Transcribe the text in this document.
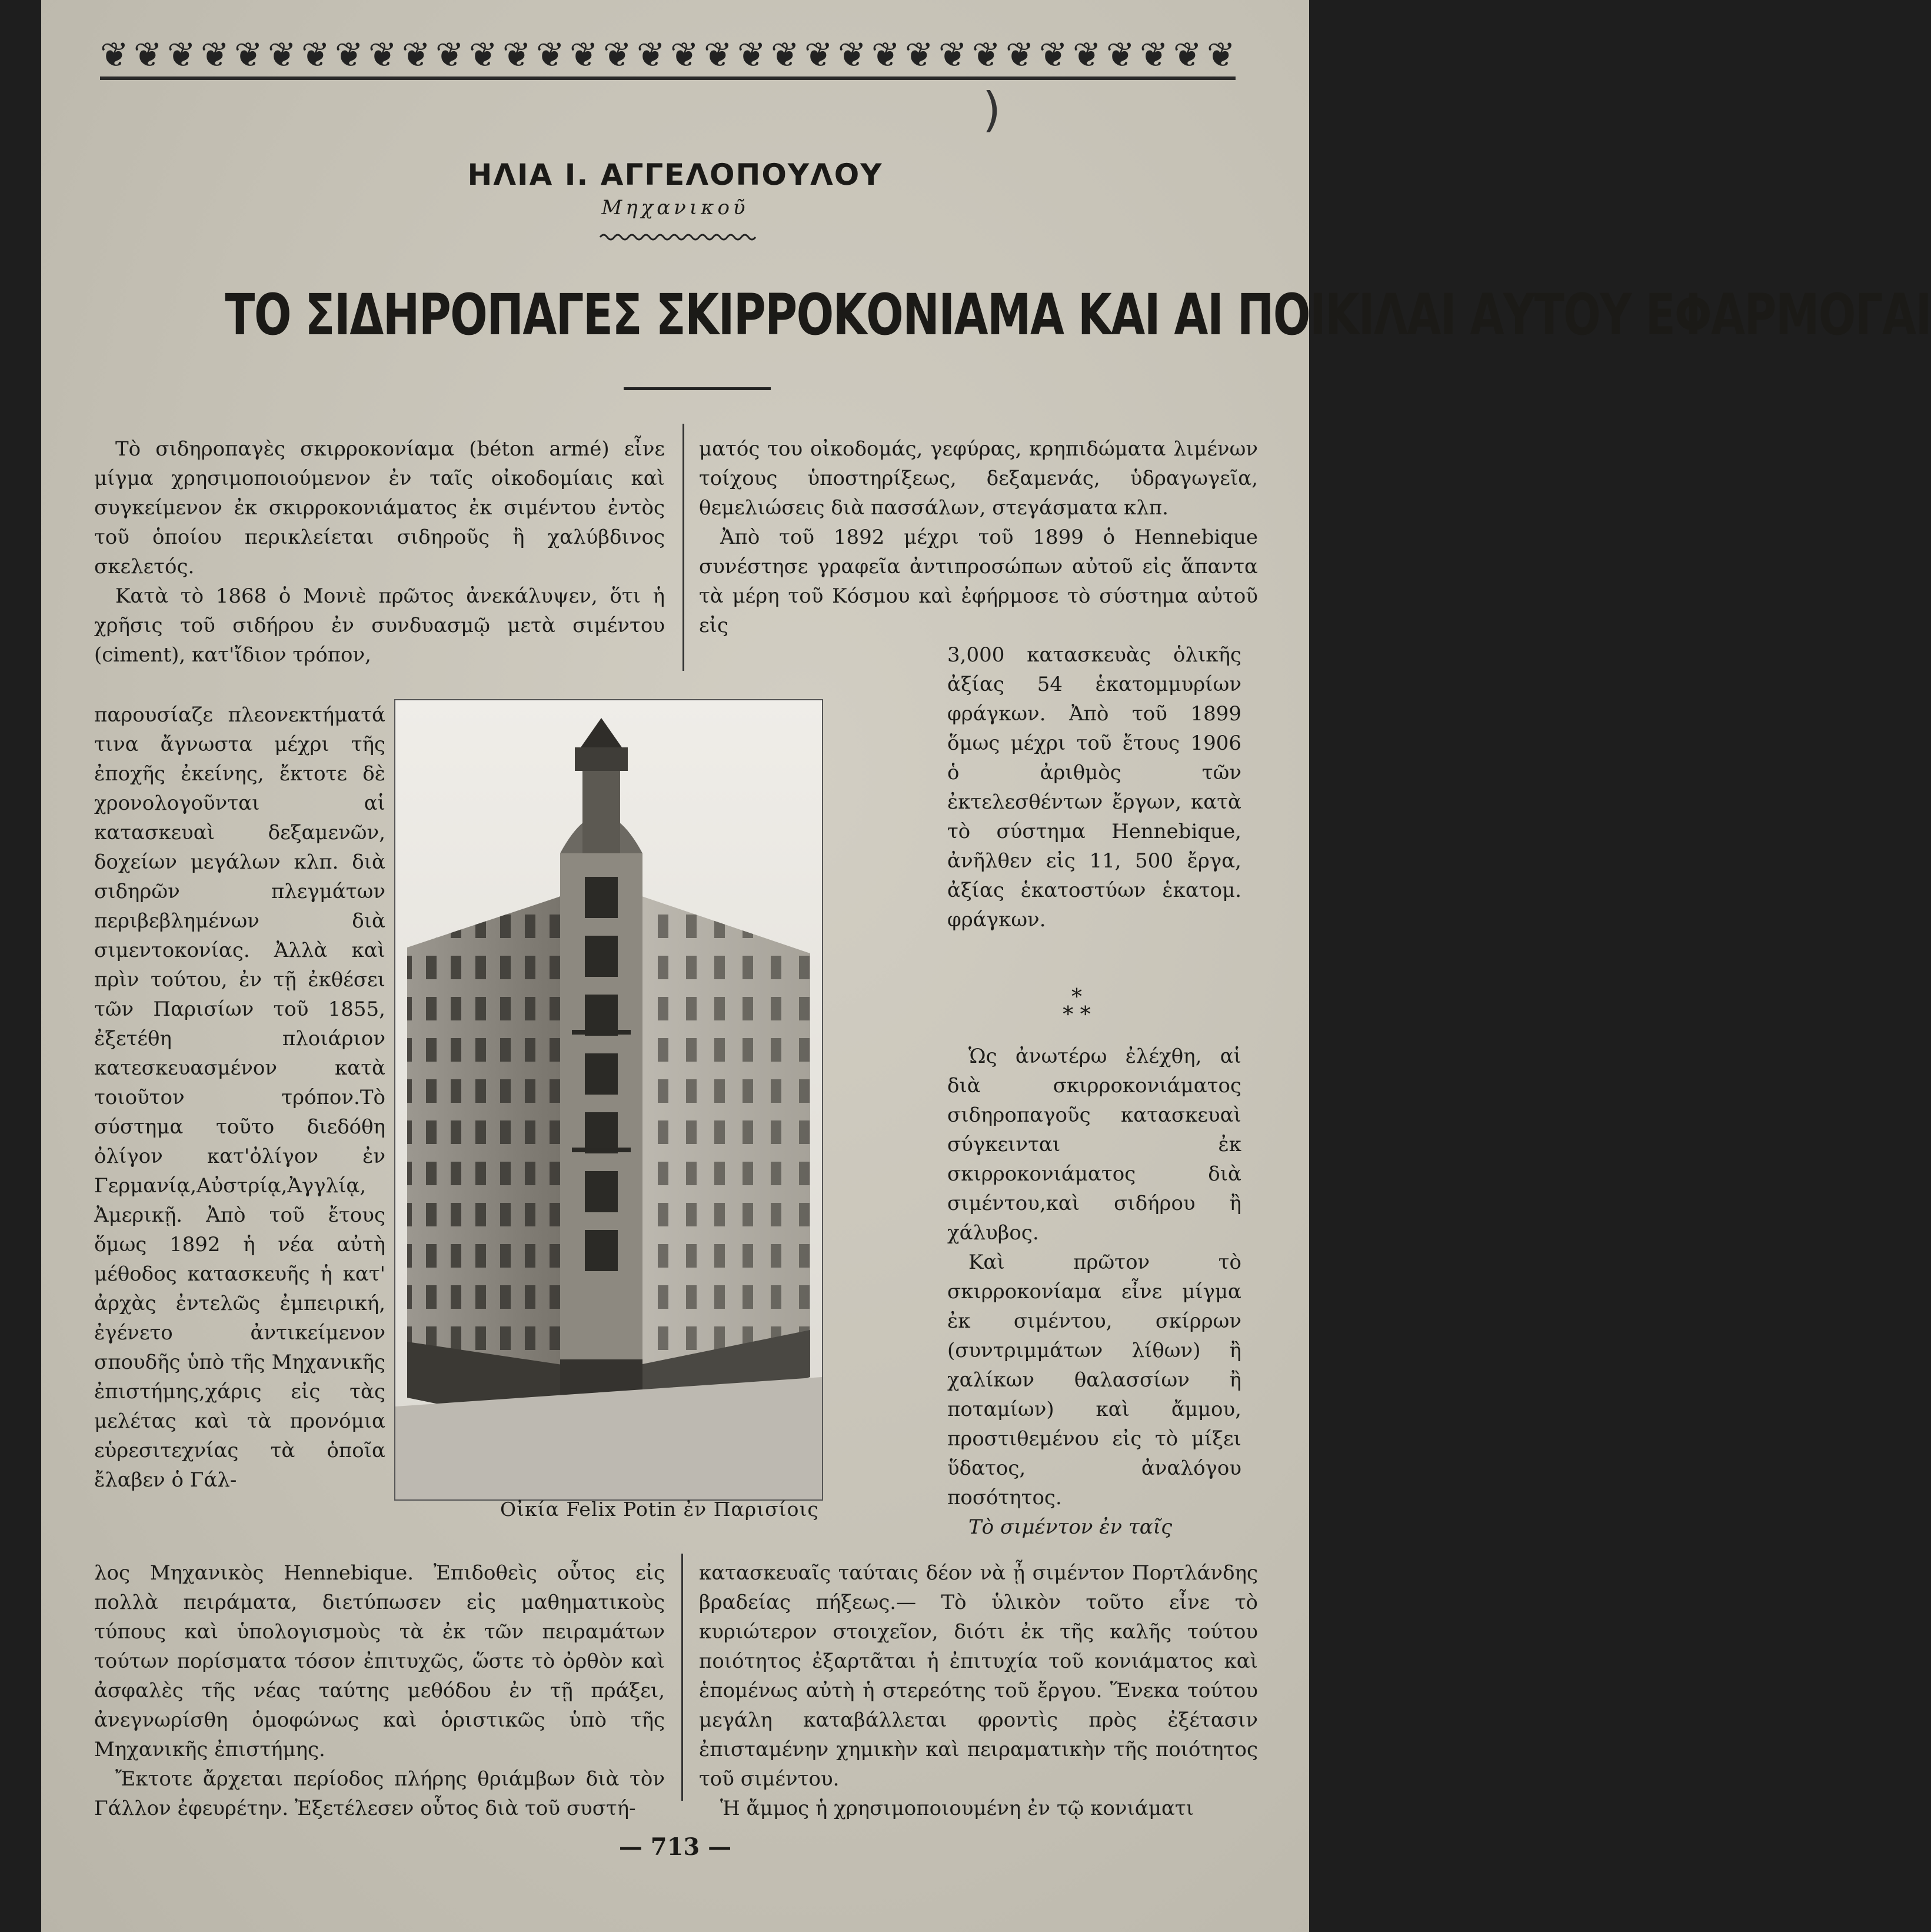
❦ ❦ ❦ ❦ ❦ ❦ ❦ ❦ ❦ ❦ ❦ ❦ ❦ ❦ ❦ ❦ ❦ ❦ ❦ ❦ ❦ ❦ ❦ ❦ ❦ ❦ ❦ ❦ ❦ ❦ ❦ ❦ ❦ ❦
)
ΗΛΙΑ Ι. ΑΓΓΕΛΟΠΟΥΛΟΥ
Μηχανικοῦ
ΤΟ ΣΙΔΗΡΟΠΑΓΕΣ ΣΚΙΡΡΟΚΟΝΙΑΜΑ ΚΑΙ ΑΙ ΠΟΙΚΙΛΑΙ ΑΥΤΟΥ ΕΦΑΡΜΟΓΑΙ

Τὸ σιδηροπαγὲς σκιρροκονίαμα (béton armé) εἶνε μίγμα χρησιμοποιούμενον ἐν ταῖς οἰκοδομίαις καὶ συγκείμενον ἐκ σκιρροκονιάματος ἐκ σιμέντου ἐντὸς τοῦ ὁποίου περικλείεται σιδηροῦς ἢ χαλύβδινος σκελετός.

Κατὰ τὸ 1868 ὁ Μονιὲ πρῶτος ἀνεκάλυψεν, ὅτι ἡ χρῆσις τοῦ σιδήρου ἐν συνδυασμῷ μετὰ σιμέντου (ciment), κατ'ἴδιον τρόπον,

παρουσίαζε πλεονεκτήματά τινα ἄγνωστα μέχρι τῆς ἐποχῆς ἐκείνης, ἔκτοτε δὲ χρονολογοῦνται αἱ κατασκευαὶ δεξαμενῶν, δοχείων μεγάλων κλπ. διὰ σιδηρῶν πλεγμάτων περιβεβλημένων διὰ σιμεντοκονίας. Ἀλλὰ καὶ πρὶν τούτου, ἐν τῇ ἐκθέσει τῶν Παρισίων τοῦ 1855, ἐξετέθη πλοιάριον κατεσκευασμένον κατὰ τοιοῦτον τρόπον.Τὸ σύστημα τοῦτο διεδόθη ὀλίγον κατ'ὀλίγον ἐν Γερμανίᾳ,Αὐστρίᾳ,Ἀγγλίᾳ, Ἀμερικῇ. Ἀπὸ τοῦ ἔτους ὅμως 1892 ἡ νέα αὐτὴ μέθοδος κατασκευῆς ἡ κατ' ἀρχὰς ἐντελῶς ἐμπειρική, ἐγένετο ἀντικείμενον σπουδῆς ὑπὸ τῆς Μηχανικῆς ἐπιστήμης,χάρις εἰς τὰς μελέτας καὶ τὰ προνόμια εὑρεσιτεχνίας τὰ ὁποῖα ἔλαβεν ὁ Γάλ-

λος Μηχανικὸς Hennebique. Ἐπιδοθεὶς οὗτος εἰς πολλὰ πειράματα, διετύπωσεν εἰς μαθηματικοὺς τύπους καὶ ὑπολογισμοὺς τὰ ἐκ τῶν πειραμάτων τούτων πορίσματα τόσον ἐπιτυχῶς, ὥστε τὸ ὀρθὸν καὶ ἀσφαλὲς τῆς νέας ταύτης μεθόδου ἐν τῇ πράξει, ἀνεγνωρίσθη ὁμοφώνως καὶ ὁριστικῶς ὑπὸ τῆς Μηχανικῆς ἐπιστήμης.

Ἔκτοτε ἄρχεται περίοδος πλήρης θριάμβων διὰ τὸν Γάλλον ἐφευρέτην. Ἐξετέλεσεν οὗτος διὰ τοῦ συστή-

ματός του οἰκοδομάς, γεφύρας, κρηπιδώματα λιμένων τοίχους ὑποστηρίξεως, δεξαμενάς, ὑδραγωγεῖα, θεμελιώσεις διὰ πασσάλων, στεγάσματα κλπ.

Ἀπὸ τοῦ 1892 μέχρι τοῦ 1899 ὁ Hennebique συνέστησε γραφεῖα ἀντιπροσώπων αὐτοῦ εἰς ἅπαντα τὰ μέρη τοῦ Κόσμου καὶ ἐφήρμοσε τὸ σύστημα αὐτοῦ εἰς

3,000 κατασκευὰς ὁλικῆς ἀξίας 54 ἑκατομμυρίων φράγκων. Ἀπὸ τοῦ 1899 ὅμως μέχρι τοῦ ἔτους 1906 ὁ ἀριθμὸς τῶν ἐκτελεσθέντων ἔργων, κατὰ τὸ σύστημα Hennebique, ἀνῆλθεν εἰς 11, 500 ἔργα, ἀξίας ἑκατοστύων ἑκατομ. φράγκων.

*
* *

Ὡς ἀνωτέρω ἐλέχθη, αἱ διὰ σκιρροκονιάματος σιδηροπαγοῦς κατασκευαὶ σύγκεινται ἐκ σκιρροκονιάματος διὰ σιμέντου,καὶ σιδήρου ἢ χάλυβος.

Καὶ πρῶτον τὸ σκιρροκονίαμα εἶνε μίγμα ἐκ σιμέντου, σκίρρων (συντριμμάτων λίθων) ἢ χαλίκων θαλασσίων ἢ ποταμίων) καὶ ἄμμου, προστιθεμένου εἰς τὸ μίξει ὕδατος, ἀναλόγου ποσότητος.

Τὸ σιμέντον ἐν ταῖς

Οἰκία Felix Potin ἐν Παρισίοις

κατασκευαῖς ταύταις δέον νὰ ᾖ σιμέντον Πορτλάνδης βραδείας πήξεως.— Τὸ ὑλικὸν τοῦτο εἶνε τὸ κυριώτερον στοιχεῖον, διότι ἐκ τῆς καλῆς τούτου ποιότητος ἐξαρτᾶται ἡ ἐπιτυχία τοῦ κονιάματος καὶ ἑπομένως αὐτὴ ἡ στερεότης τοῦ ἔργου. Ἕνεκα τούτου μεγάλη καταβάλλεται φροντὶς πρὸς ἐξέτασιν ἐπισταμένην χημικὴν καὶ πειραματικὴν τῆς ποιότητος τοῦ σιμέντου.

Ἡ ἄμμος ἡ χρησιμοποιουμένη ἐν τῷ κονιάματι

— 713 —
